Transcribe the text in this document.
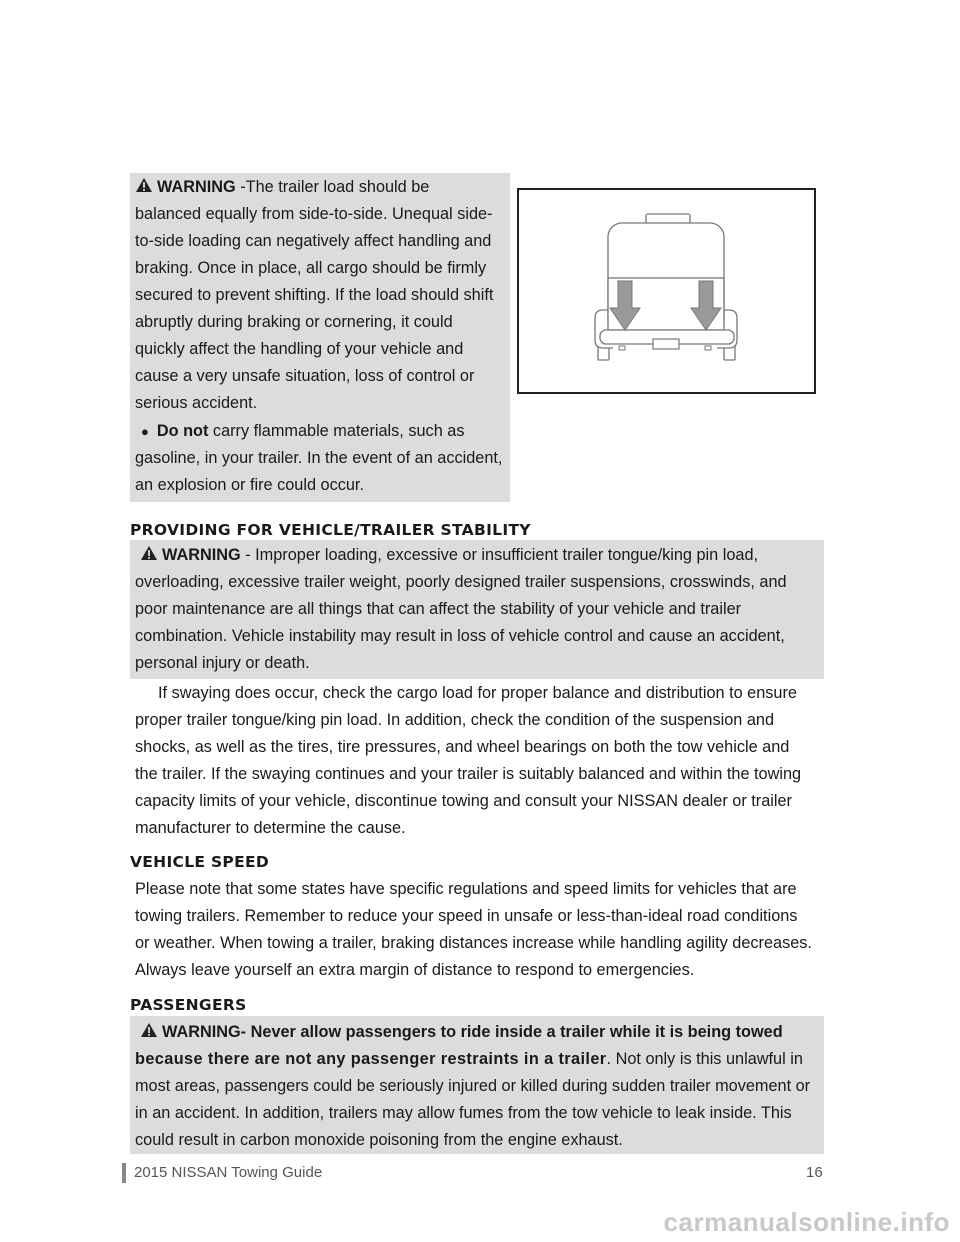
WARNING -The trailer load should be
balanced equally from side-to-side. Unequal side-
to-side loading can negatively affect handling and
braking. Once in place, all cargo should be firmly
secured to prevent shifting. If the load should shift
abruptly during braking or cornering, it could
quickly affect the handling of your vehicle and
cause a very unsafe situation, loss of control or
serious accident.
● Do not carry flammable materials, such as
gasoline, in your trailer. In the event of an accident,
an explosion or fire could occur.
PROVIDING FOR VEHICLE/TRAILER STABILITY
WARNING - Improper loading, excessive or insufficient trailer tongue/king pin load,
overloading, excessive trailer weight, poorly designed trailer suspensions, crosswinds, and
poor maintenance are all things that can affect the stability of your vehicle and trailer
combination. Vehicle instability may result in loss of vehicle control and cause an accident,
personal injury or death.
If swaying does occur, check the cargo load for proper balance and distribution to ensure
proper trailer tongue/king pin load. In addition, check the condition of the suspension and
shocks, as well as the tires, tire pressures, and wheel bearings on both the tow vehicle and
the trailer. If the swaying continues and your trailer is suitably balanced and within the towing
capacity limits of your vehicle, discontinue towing and consult your NISSAN dealer or trailer
manufacturer to determine the cause.
VEHICLE SPEED
Please note that some states have specific regulations and speed limits for vehicles that are
towing trailers. Remember to reduce your speed in unsafe or less-than-ideal road conditions
or weather. When towing a trailer, braking distances increase while handling agility decreases.
Always leave yourself an extra margin of distance to respond to emergencies.
PASSENGERS
WARNING- Never allow passengers to ride inside a trailer while it is being towed
because there are not any passenger restraints in a trailer. Not only is this unlawful in
most areas, passengers could be seriously injured or killed during sudden trailer movement or
in an accident. In addition, trailers may allow fumes from the tow vehicle to leak inside. This
could result in carbon monoxide poisoning from the engine exhaust.
2015 NISSAN Towing Guide	16
carmanualsonline.info
